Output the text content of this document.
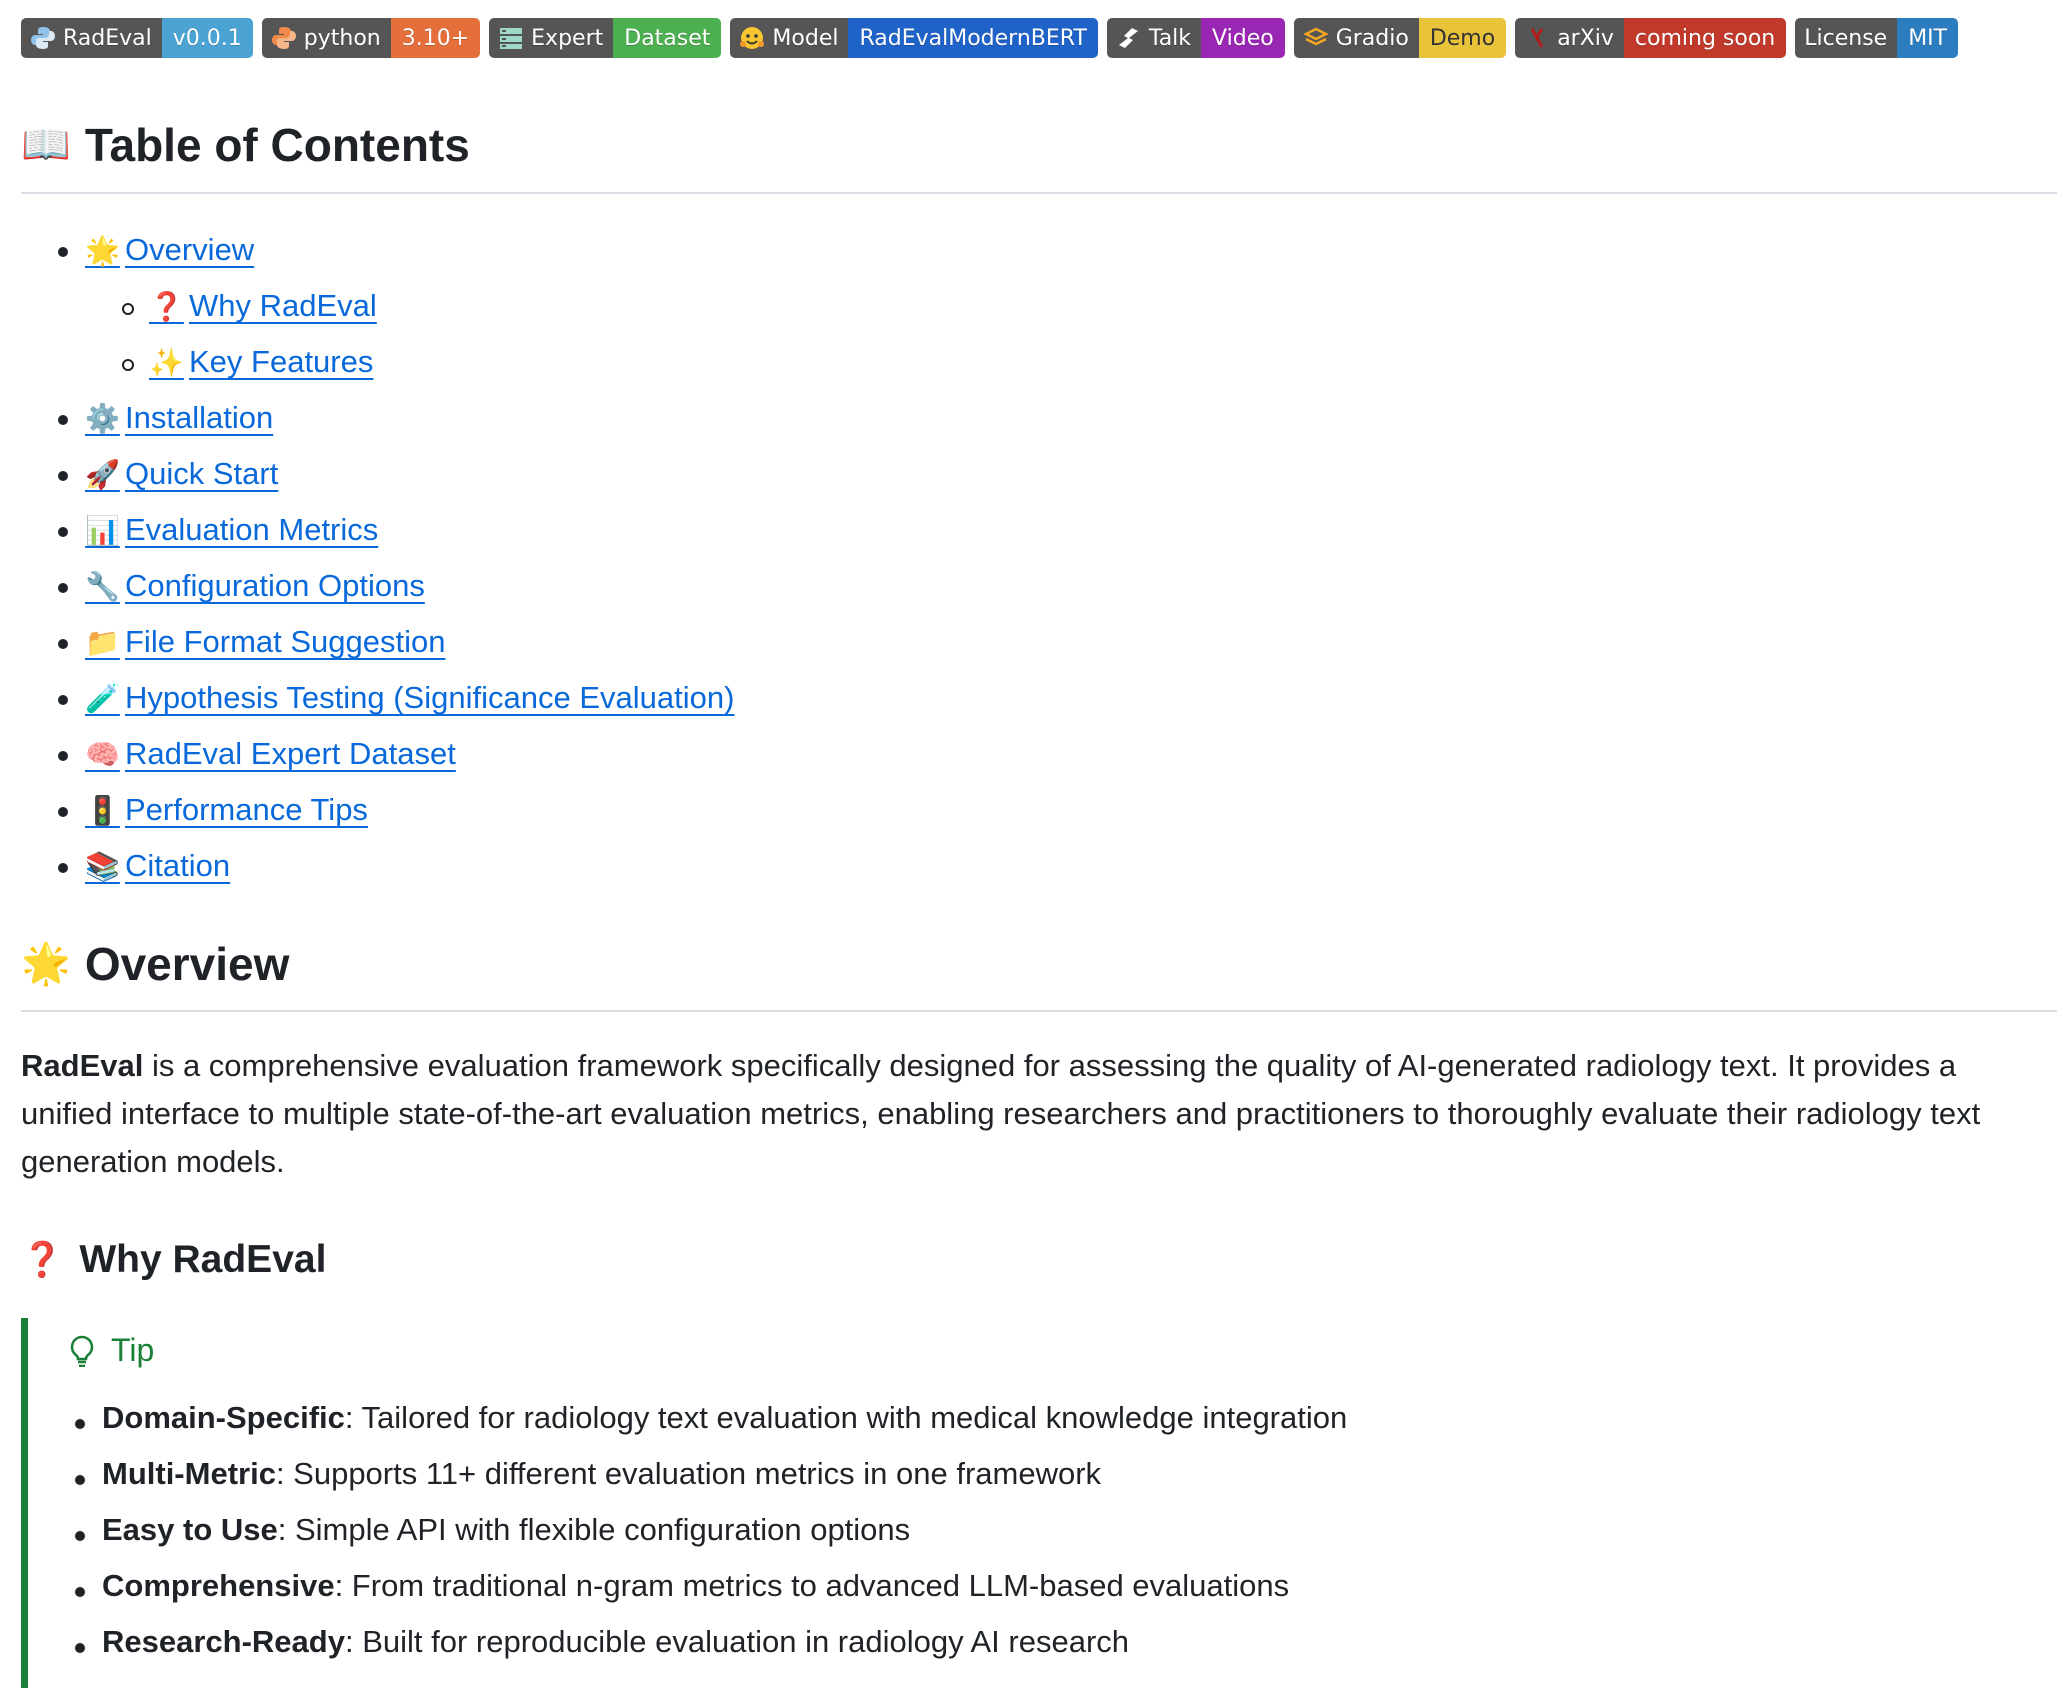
RadEval v0.0.1	python 3.10+	Expert Dataset	Model RadEvalModernBERT	Talk Video	Gradio Demo	arXiv coming soon	License MIT
📖 Table of Contents
🌟 Overview
❓ Why RadEval
✨ Key Features
⚙️ Installation
🚀 Quick Start
📊 Evaluation Metrics
🔧 Configuration Options
📁 File Format Suggestion
🧪 Hypothesis Testing (Significance Evaluation)
🧠 RadEval Expert Dataset
🚦 Performance Tips
📚 Citation
🌟 Overview

RadEval is a comprehensive evaluation framework specifically designed for assessing the quality of AI-generated radiology text. It provides a unified interface to multiple state-of-the-art evaluation metrics, enabling researchers and practitioners to thoroughly evaluate their radiology text generation models.

❓ Why RadEval
Tip
Domain-Specific: Tailored for radiology text evaluation with medical knowledge integration
Multi-Metric: Supports 11+ different evaluation metrics in one framework
Easy to Use: Simple API with flexible configuration options
Comprehensive: From traditional n-gram metrics to advanced LLM-based evaluations
Research-Ready: Built for reproducible evaluation in radiology AI research
